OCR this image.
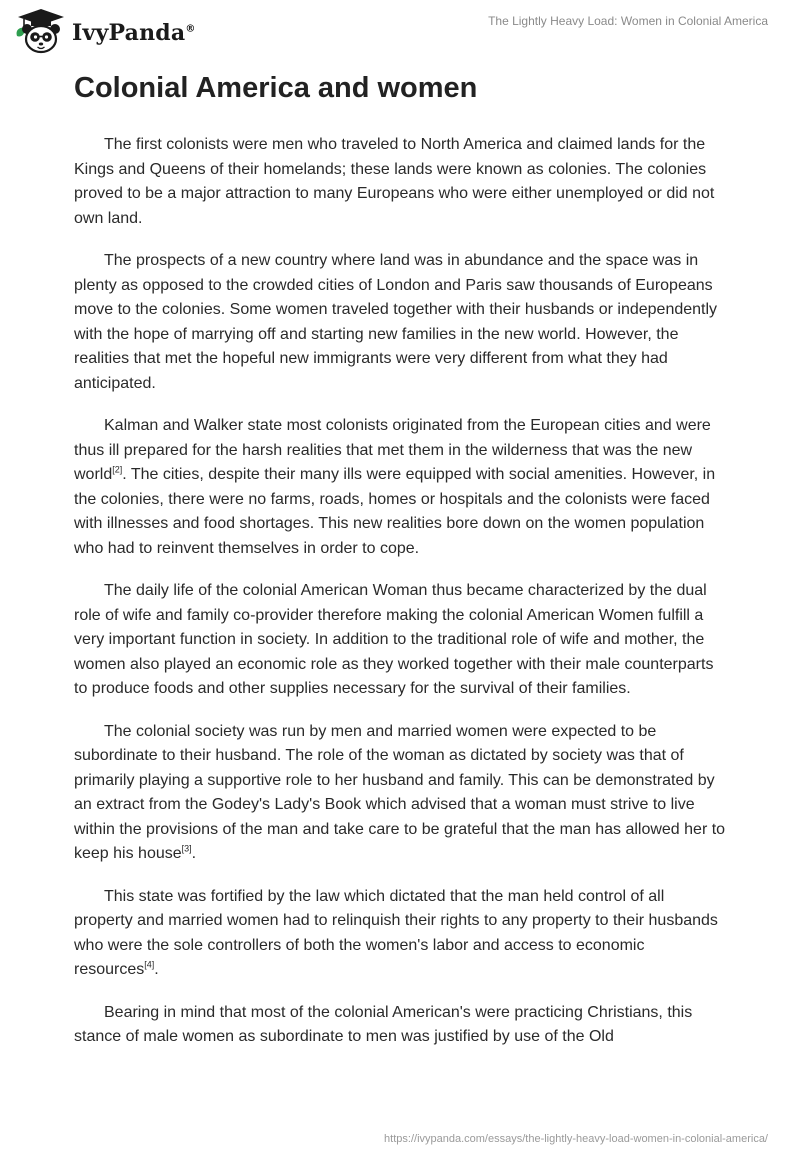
IvyPanda®
The Lightly Heavy Load: Women in Colonial America
Colonial America and women

The first colonists were men who traveled to North America and claimed lands for the Kings and Queens of their homelands; these lands were known as colonies. The colonies proved to be a major attraction to many Europeans who were either unemployed or did not own land.

The prospects of a new country where land was in abundance and the space was in plenty as opposed to the crowded cities of London and Paris saw thousands of Europeans move to the colonies. Some women traveled together with their husbands or independently with the hope of marrying off and starting new families in the new world. However, the realities that met the hopeful new immigrants were very different from what they had anticipated.

Kalman and Walker state most colonists originated from the European cities and were thus ill prepared for the harsh realities that met them in the wilderness that was the new world[2]. The cities, despite their many ills were equipped with social amenities. However, in the colonies, there were no farms, roads, homes or hospitals and the colonists were faced with illnesses and food shortages. This new realities bore down on the women population who had to reinvent themselves in order to cope.

The daily life of the colonial American Woman thus became characterized by the dual role of wife and family co-provider therefore making the colonial American Women fulfill a very important function in society. In addition to the traditional role of wife and mother, the women also played an economic role as they worked together with their male counterparts to produce foods and other supplies necessary for the survival of their families.

The colonial society was run by men and married women were expected to be subordinate to their husband. The role of the woman as dictated by society was that of primarily playing a supportive role to her husband and family. This can be demonstrated by an extract from the Godey's Lady's Book which advised that a woman must strive to live within the provisions of the man and take care to be grateful that the man has allowed her to keep his house[3].

This state was fortified by the law which dictated that the man held control of all property and married women had to relinquish their rights to any property to their husbands who were the sole controllers of both the women's labor and access to economic resources[4].

Bearing in mind that most of the colonial American's were practicing Christians, this stance of male women as subordinate to men was justified by use of the Old

https://ivypanda.com/essays/the-lightly-heavy-load-women-in-colonial-america/
